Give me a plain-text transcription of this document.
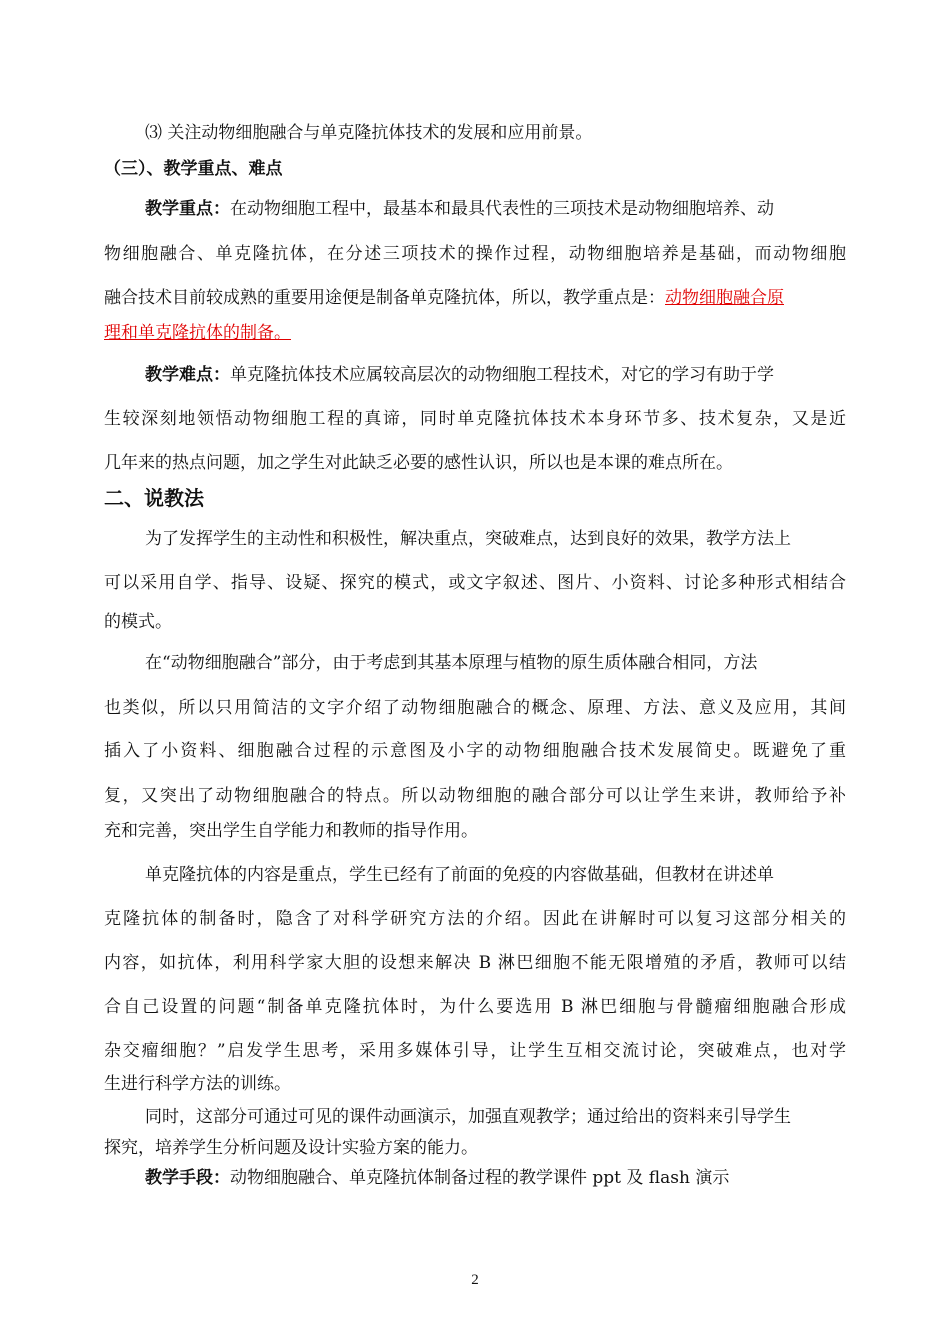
⑶ 关注动物细胞融合与单克隆抗体技术的发展和应用前景。
（三）、教学重点、难点
教学重点：在动物细胞工程中，最基本和最具代表性的三项技术是动物细胞培养、动
物细胞融合、单克隆抗体，在分述三项技术的操作过程，动物细胞培养是基础，而动物细胞
融合技术目前较成熟的重要用途便是制备单克隆抗体，所以，教学重点是：动物细胞融合原
理和单克隆抗体的制备。
教学难点：单克隆抗体技术应属较高层次的动物细胞工程技术，对它的学习有助于学
生较深刻地领悟动物细胞工程的真谛，同时单克隆抗体技术本身环节多、技术复杂，又是近
几年来的热点问题，加之学生对此缺乏必要的感性认识，所以也是本课的难点所在。
二、说教法
为了发挥学生的主动性和积极性，解决重点，突破难点，达到良好的效果，教学方法上
可以采用自学、指导、设疑、探究的模式，或文字叙述、图片、小资料、讨论多种形式相结合
的模式。
在“动物细胞融合”部分，由于考虑到其基本原理与植物的原生质体融合相同，方法
也类似，所以只用简洁的文字介绍了动物细胞融合的概念、原理、方法、意义及应用，其间
插入了小资料、细胞融合过程的示意图及小字的动物细胞融合技术发展简史。既避免了重
复，又突出了动物细胞融合的特点。所以动物细胞的融合部分可以让学生来讲，教师给予补
充和完善，突出学生自学能力和教师的指导作用。
单克隆抗体的内容是重点，学生已经有了前面的免疫的内容做基础，但教材在讲述单
克隆抗体的制备时，隐含了对科学研究方法的介绍。因此在讲解时可以复习这部分相关的
内容，如抗体，利用科学家大胆的设想来解决 B 淋巴细胞不能无限增殖的矛盾，教师可以结
合自己设置的问题“制备单克隆抗体时，为什么要选用 B 淋巴细胞与骨髓瘤细胞融合形成
杂交瘤细胞？”启发学生思考，采用多媒体引导，让学生互相交流讨论，突破难点，也对学
生进行科学方法的训练。
同时，这部分可通过可见的课件动画演示，加强直观教学；通过给出的资料来引导学生
探究，培养学生分析问题及设计实验方案的能力。
教学手段：动物细胞融合、单克隆抗体制备过程的教学课件 ppt 及 flash 演示
2
